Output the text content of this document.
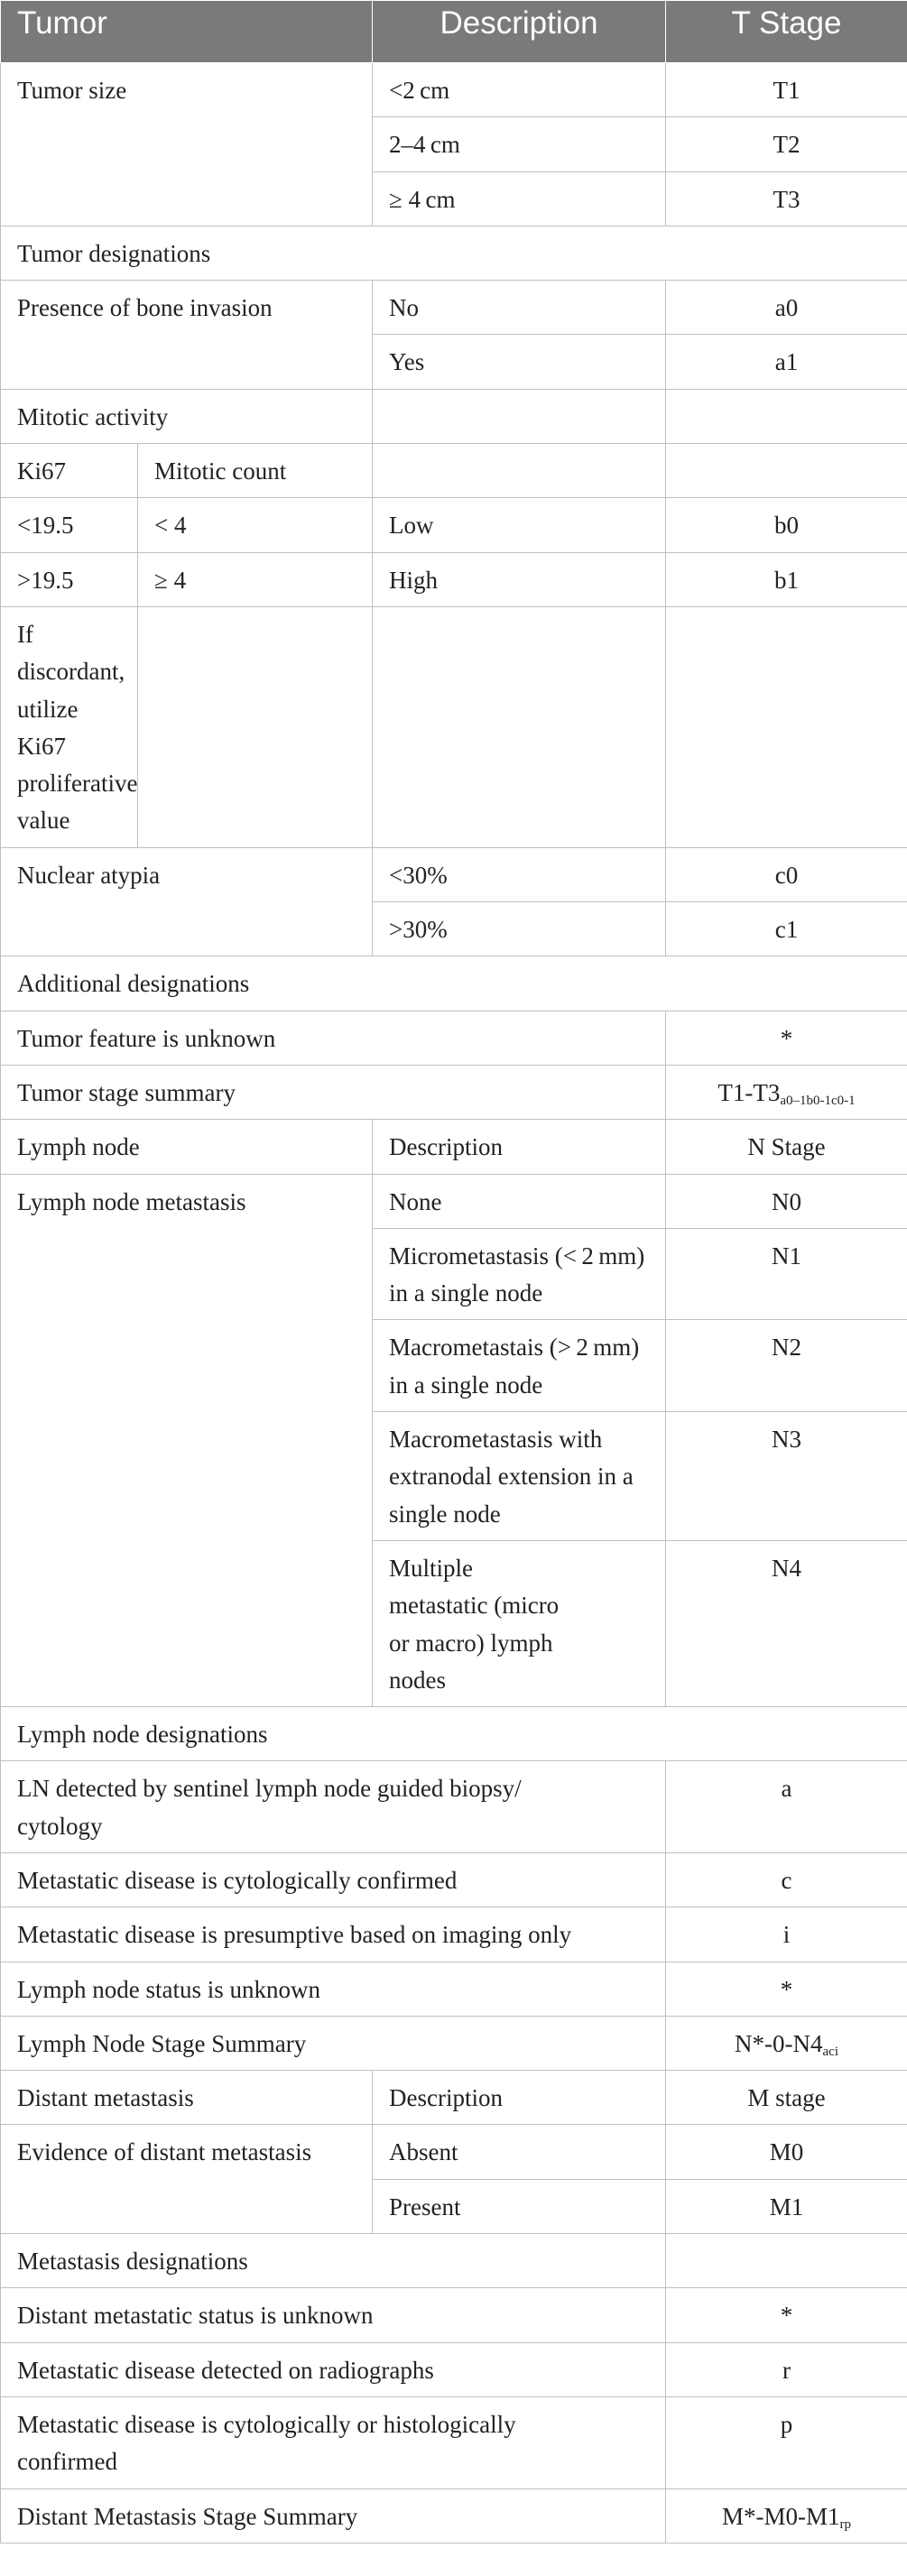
Tumor		Description	T Stage
Tumor size		<2 cm	T1
		2–4 cm	T2
		≥ 4 cm	T3
Tumor designations			
Presence of bone invasion		No	a0
		Yes	a1
Mitotic activity			
Ki67	Mitotic count		
<19.5	< 4	Low	b0
>19.5	≥ 4	High	b1
If discordant, utilize Ki67 proliferative value			
Nuclear atypia		<30%	c0
		>30%	c1
Additional designations			
Tumor feature is unknown			*
Tumor stage summary			$T1-T3_{a0-1b0-1c0-1}$
Lymph node		Description	N Stage
Lymph node metastasis		None	N0
		Micrometastasis (< 2 mm) in a single node	N1
		Macrometastais (> 2 mm) in a single node	N2
		Macrometastasis with extranodal extension in a single node	N3
		Multiple metastatic (micro or macro) lymph nodes	N4
Lymph node designations			
LN detected by sentinel lymph node guided biopsy/ cytology			a
Metastatic disease is cytologically confirmed			c
Metastatic disease is presumptive based on imaging only			i
Lymph node status is unknown			*
Lymph Node Stage Summary			$N*-0-N4_{aci}$
Distant metastasis		Description	M stage
Evidence of distant metastasis		Absent	M0
		Present	M1
Metastasis designations			
Distant metastatic status is unknown			*
Metastatic disease detected on radiographs			r
Metastatic disease is cytologically or histologically confirmed			p
Distant Metastasis Stage Summary			$M*-M0-M1_{rp}$
